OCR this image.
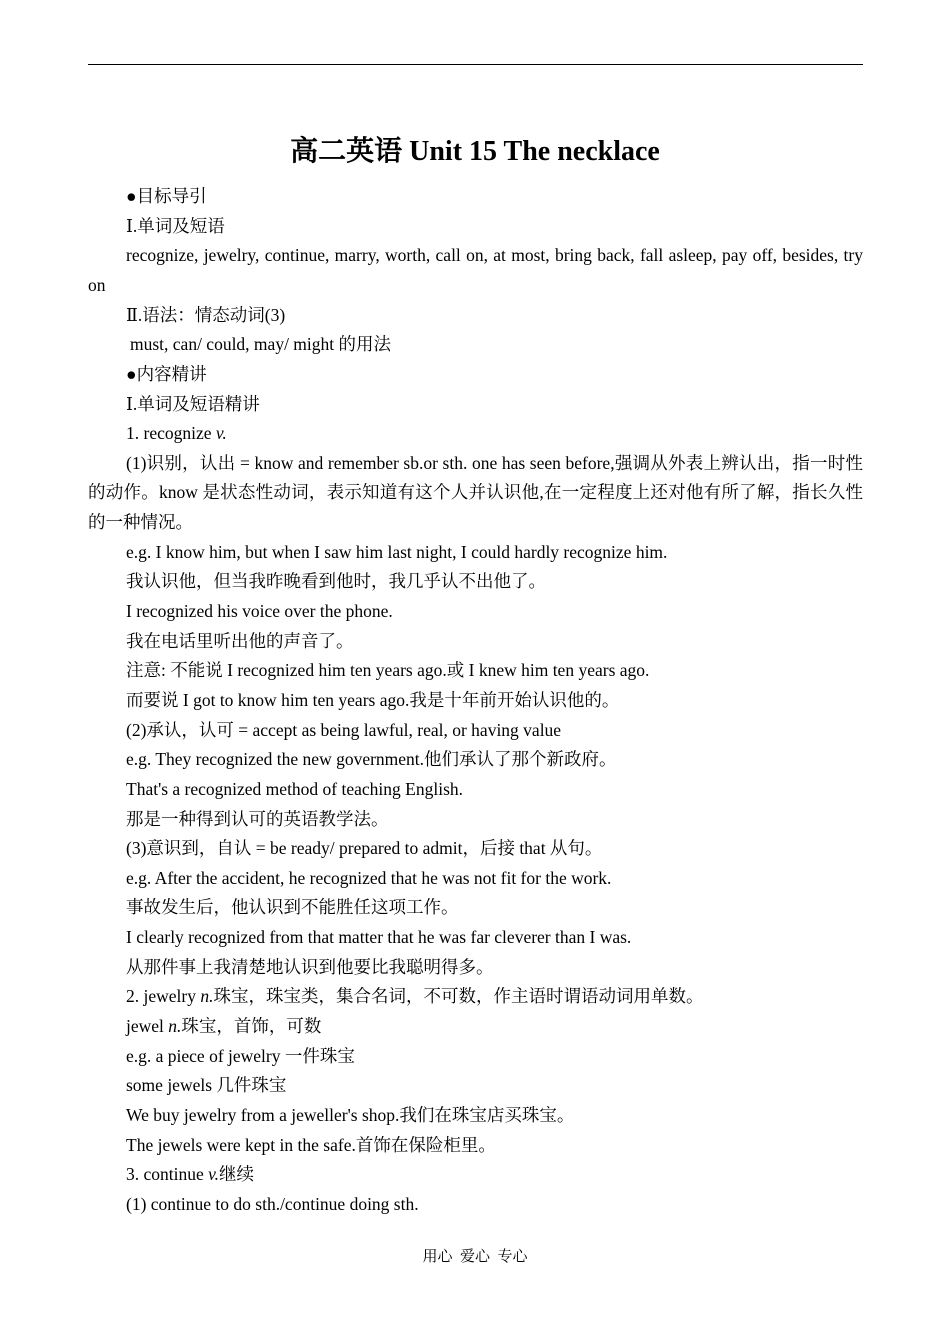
高二英语 Unit 15 The necklace
●目标导引
Ⅰ.单词及短语
recognize, jewelry, continue, marry, worth, call on, at most, bring back, fall asleep, pay off, besides, try on
Ⅱ.语法：情态动词(3)
must, can/ could, may/ might 的用法
●内容精讲
Ⅰ.单词及短语精讲
1. recognize v.
(1)识别，认出 = know and remember sb.or sth. one has seen before,强调从外表上辨认出，指一时性的动作。know 是状态性动词，表示知道有这个人并认识他,在一定程度上还对他有所了解，指长久性的一种情况。
e.g. I know him, but when I saw him last night, I could hardly recognize him.
我认识他，但当我昨晚看到他时，我几乎认不出他了。
I recognized his voice over the phone.
我在电话里听出他的声音了。
注意: 不能说 I recognized him ten years ago.或 I knew him ten years ago.
而要说 I got to know him ten years ago.我是十年前开始认识他的。
(2)承认，认可 = accept as being lawful, real, or having value
e.g. They recognized the new government.他们承认了那个新政府。
That's a recognized method of teaching English.
那是一种得到认可的英语教学法。
(3)意识到，自认 = be ready/ prepared to admit，后接 that 从句。
e.g. After the accident, he recognized that he was not fit for the work.
事故发生后，他认识到不能胜任这项工作。
I clearly recognized from that matter that he was far cleverer than I was.
从那件事上我清楚地认识到他要比我聪明得多。
2. jewelry n.珠宝，珠宝类，集合名词，不可数，作主语时谓语动词用单数。
jewel n.珠宝，首饰，可数
e.g. a piece of jewelry 一件珠宝
some jewels 几件珠宝
We buy jewelry from a jeweller's shop.我们在珠宝店买珠宝。
The jewels were kept in the safe.首饰在保险柜里。
3. continue v.继续
(1) continue to do sth./continue doing sth.
用心  爱心  专心
